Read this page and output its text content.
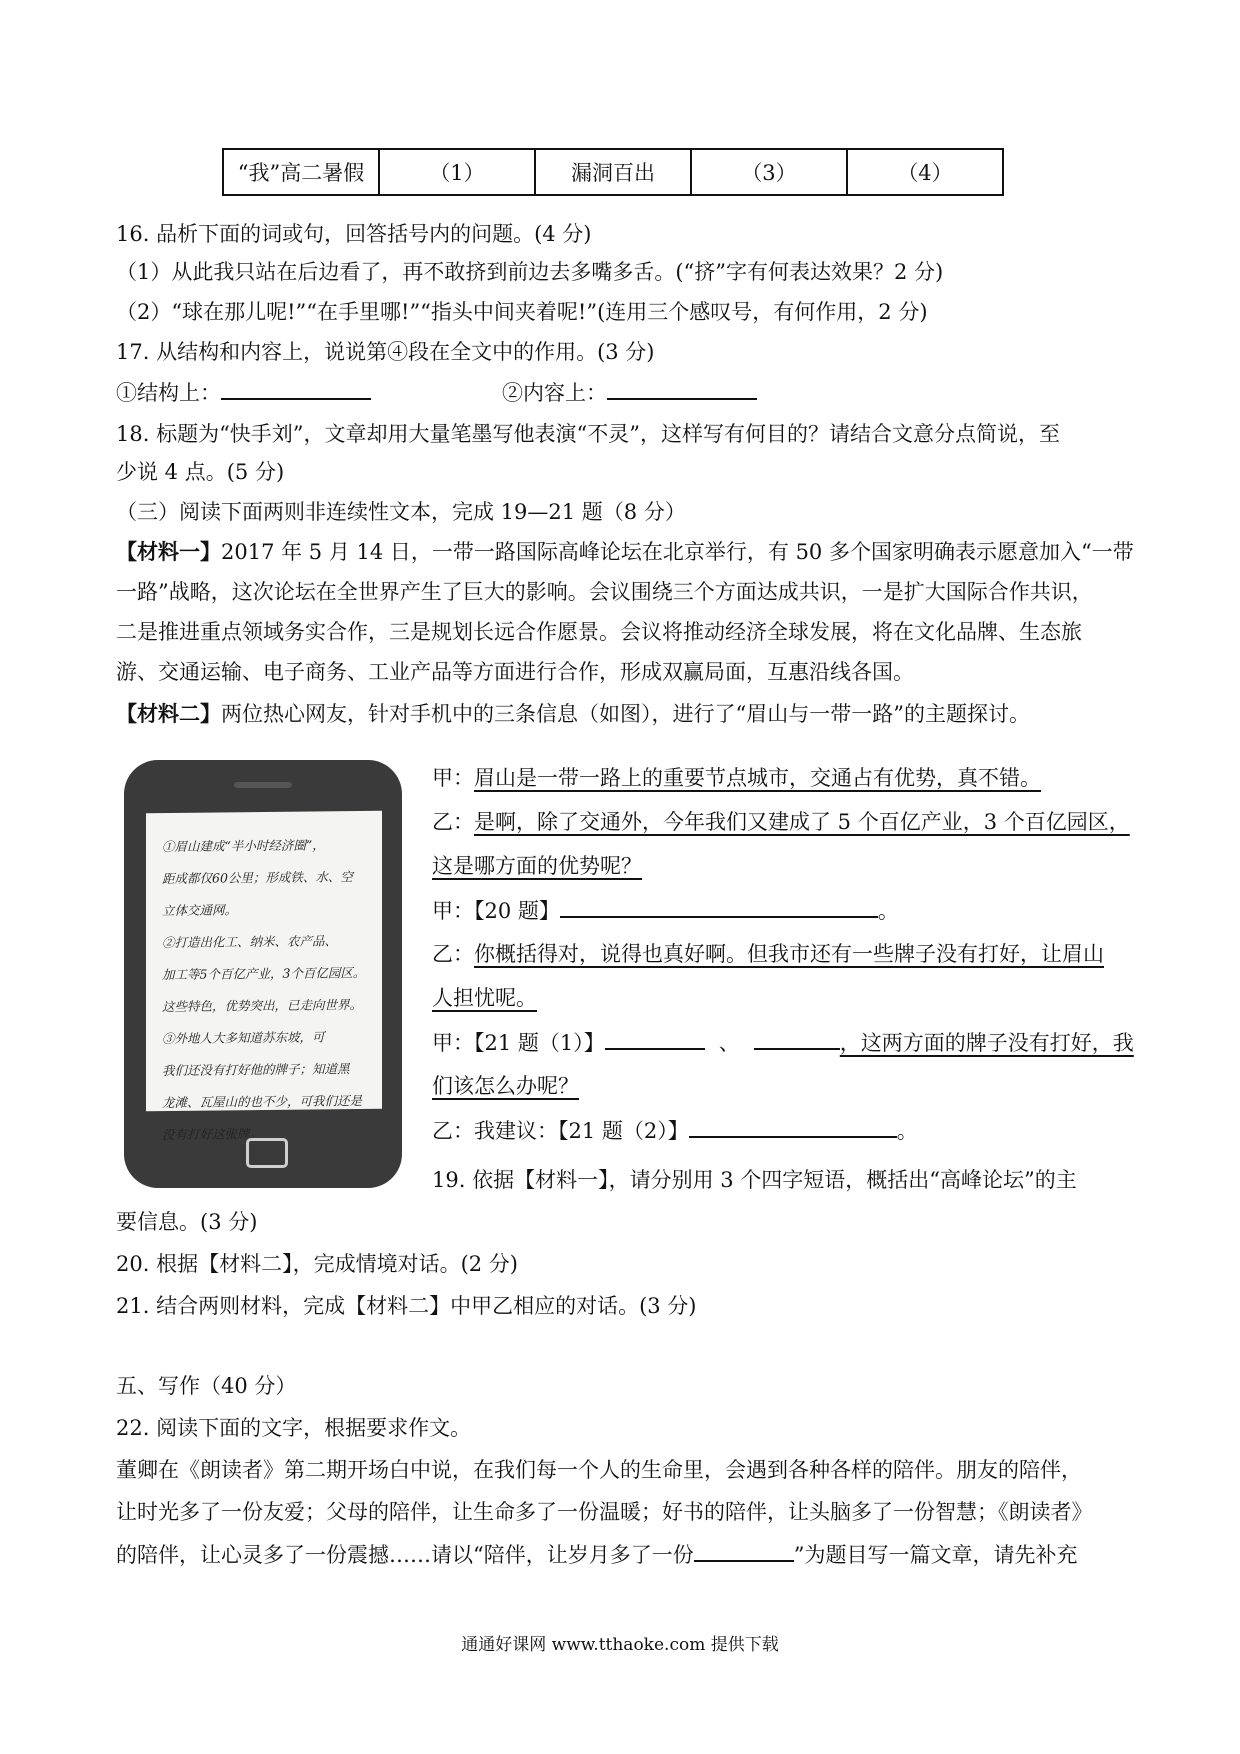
“我”高二暑假	（1）	漏洞百出	（3）	（4）
16. 品析下面的词或句，回答括号内的问题。(4 分)
（1）从此我只站在后边看了，再不敢挤到前边去多嘴多舌。(“挤”字有何表达效果？2 分)
（2）“球在那儿呢!”“在手里哪!”“指头中间夹着呢!”(连用三个感叹号，有何作用，2 分)
17. 从结构和内容上，说说第④段在全文中的作用。(3 分)
①结构上：	②内容上：
18. 标题为“快手刘”，文章却用大量笔墨写他表演“不灵”，这样写有何目的？请结合文意分点简说，至
少说 4 点。(5 分)
（三）阅读下面两则非连续性文本，完成 19—21 题（8 分）
【材料一】2017 年 5 月 14 日，一带一路国际高峰论坛在北京举行，有 50 多个国家明确表示愿意加入“一带
一路”战略，这次论坛在全世界产生了巨大的影响。会议围绕三个方面达成共识，一是扩大国际合作共识，
二是推进重点领域务实合作，三是规划长远合作愿景。会议将推动经济全球发展，将在文化品牌、生态旅
游、交通运输、电子商务、工业产品等方面进行合作，形成双赢局面，互惠沿线各国。
【材料二】两位热心网友，针对手机中的三条信息（如图），进行了“眉山与一带一路”的主题探讨。
①眉山建成“半小时经济圈”，
距成都仅60公里；形成铁、水、空
立体交通网。
②打造出化工、纳米、农产品、
加工等5个百亿产业，3个百亿园区。
这些特色，优势突出，已走向世界。
③外地人大多知道苏东坡，可
我们还没有打好他的牌子；知道黑
龙滩、瓦屋山的也不少，可我们还是
没有打好这张牌。
甲：眉山是一带一路上的重要节点城市，交通占有优势，真不错。
乙：是啊，除了交通外，今年我们又建成了 5 个百亿产业，3 个百亿园区，
这是哪方面的优势呢？
甲：【20 题】	。
乙：你概括得对，说得也真好啊。但我市还有一些牌子没有打好，让眉山
人担忧呢。
甲：【21 题（1）】	、	，这两方面的牌子没有打好，我
们该怎么办呢？
乙：我建议：【21 题（2）】	。
19. 依据【材料一】，请分别用 3 个四字短语，概括出“高峰论坛”的主
要信息。(3 分)
20. 根据【材料二】，完成情境对话。(2 分)
21. 结合两则材料，完成【材料二】中甲乙相应的对话。(3 分)
五、写作（40 分）
22. 阅读下面的文字，根据要求作文。
董卿在《朗读者》第二期开场白中说，在我们每一个人的生命里，会遇到各种各样的陪伴。朋友的陪伴，
让时光多了一份友爱；父母的陪伴，让生命多了一份温暖；好书的陪伴，让头脑多了一份智慧；《朗读者》
的陪伴，让心灵多了一份震撼……请以“陪伴，让岁月多了一份	”为题目写一篇文章，请先补充
通通好课网 www.tthaoke.com 提供下载
